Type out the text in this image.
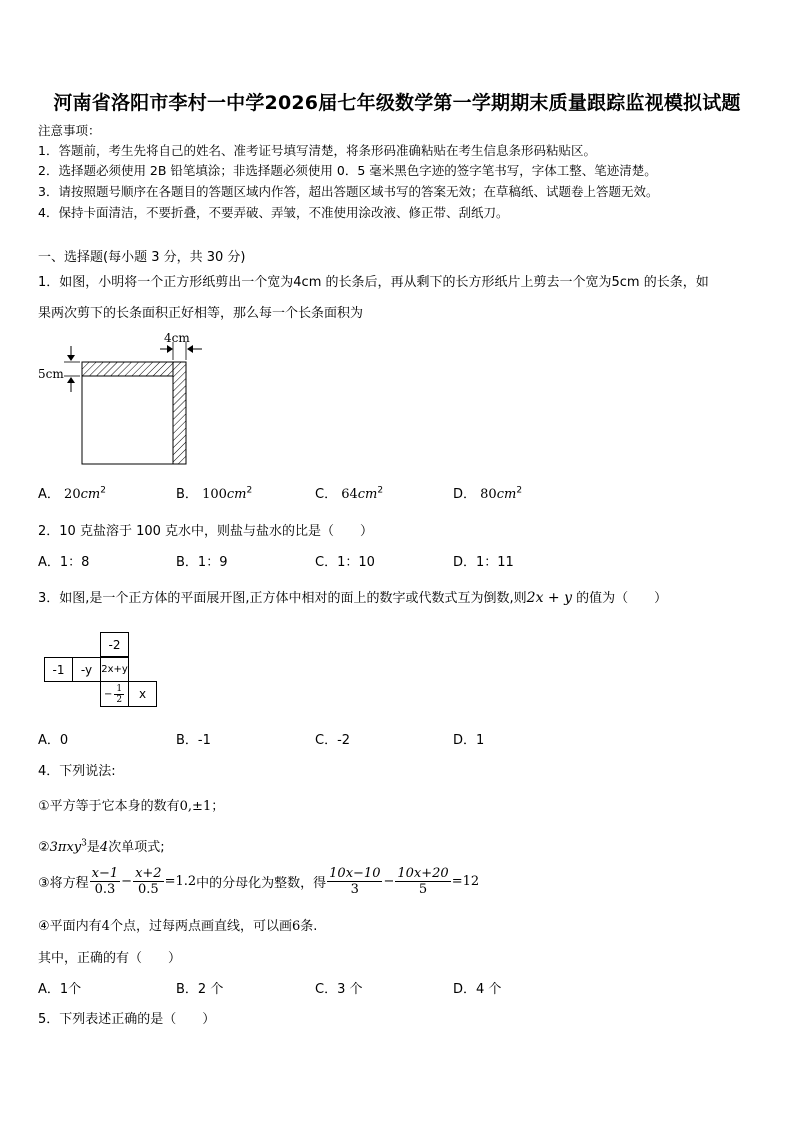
河南省洛阳市李村一中学2026届七年级数学第一学期期末质量跟踪监视模拟试题
注意事项：
1．答题前，考生先将自己的姓名、准考证号填写清楚，将条形码准确粘贴在考生信息条形码粘贴区。
2．选择题必须使用 2B 铅笔填涂；非选择题必须使用 0．5 毫米黑色字迹的签字笔书写，字体工整、笔迹清楚。
3．请按照题号顺序在各题目的答题区域内作答，超出答题区域书写的答案无效；在草稿纸、试题卷上答题无效。
4．保持卡面清洁，不要折叠，不要弄破、弄皱，不准使用涂改液、修正带、刮纸刀。
一、选择题(每小题 3 分，共 30 分)
1．如图，小明将一个正方形纸剪出一个宽为4cm 的长条后，再从剩下的长方形纸片上剪去一个宽为5cm 的长条，如
果两次剪下的长条面积正好相等，那么每一个长条面积为
4cm
5cm
A． $20cm^2$	B． $100cm^2$	C． $64cm^2$	D． $80cm^2$
2．10 克盐溶于 100 克水中，则盐与盐水的比是（　　）
A．1：8	B．1：9	C．1：10	D．1：11
3．如图,是一个正方体的平面展开图,正方体中相对的面上的数字或代数式互为倒数,则2x + y 的值为（　　）
-2
-1	-y 2x+y
− $\frac{1}{2}$	x
A．0	B．-1	C．-2	D．1
4．下列说法:
①平方等于它本身的数有0,±1；
②3πxy$^3$是4次单项式;
③将方程 $\frac{x-1}{0.3} - \frac{x+2}{0.5} =1.2$ 中的分母化为整数，得 $\frac{10x-10}{3} - \frac{10x+20}{5} =12$
④平面内有4个点，过每两点画直线，可以画6条.
其中，正确的有（　　）
A．1个	B．2 个	C．3 个	D．4 个
5．下列表述正确的是（　　）
